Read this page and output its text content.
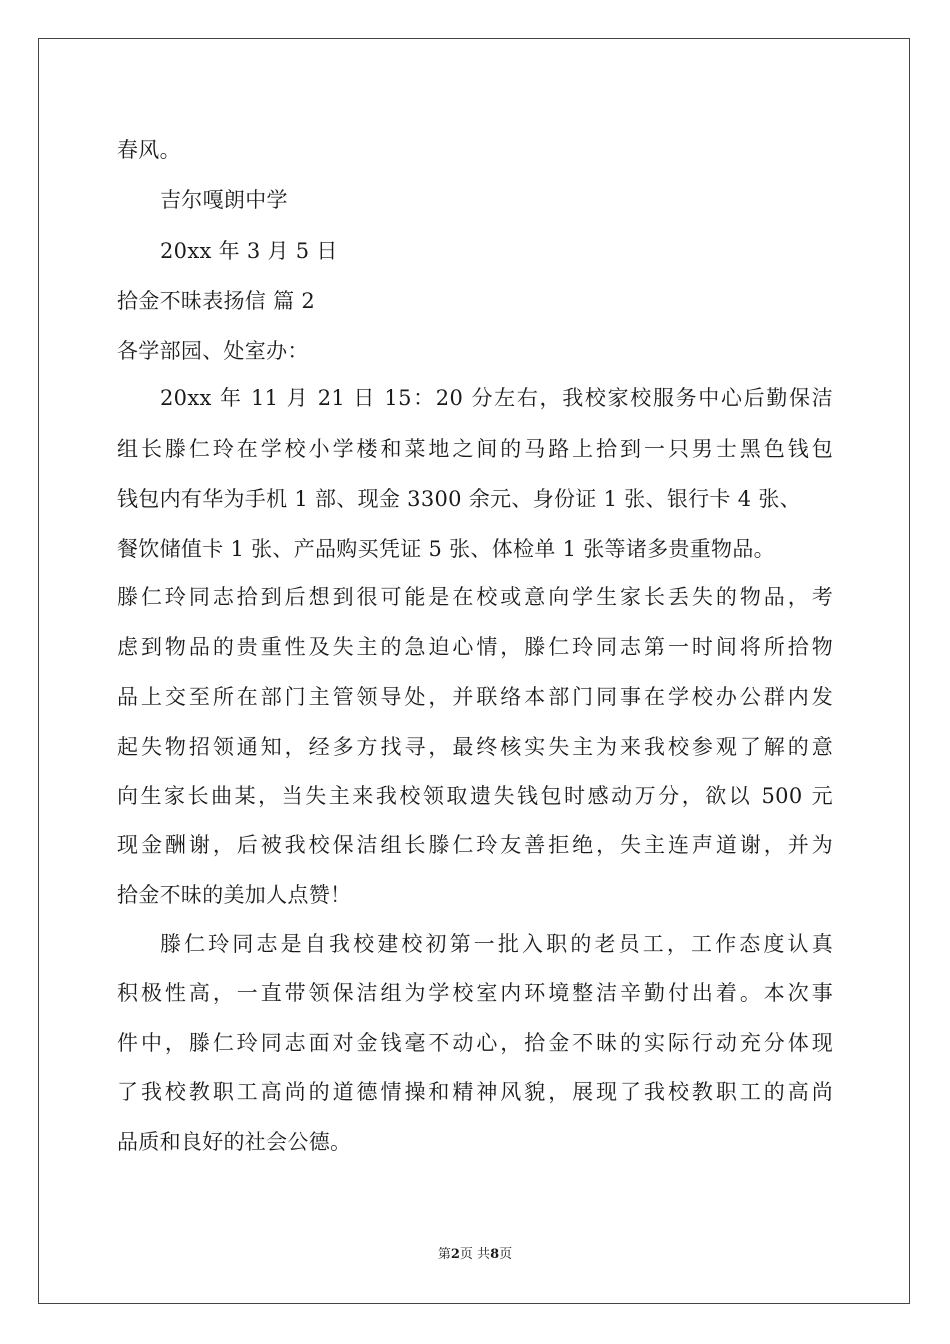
春风。
吉尔嘎朗中学
20xx 年 3 月 5 日
拾金不昧表扬信 篇 2
各学部园、处室办：
20xx 年 11 月 21 日 15：20 分左右，我校家校服务中心后勤保洁
组长滕仁玲在学校小学楼和菜地之间的马路上拾到一只男士黑色钱包
钱包内有华为手机 1 部、现金 3300 余元、身份证 1 张、银行卡 4 张、
餐饮储值卡 1 张、产品购买凭证 5 张、体检单 1 张等诸多贵重物品。
滕仁玲同志拾到后想到很可能是在校或意向学生家长丢失的物品，考
虑到物品的贵重性及失主的急迫心情，滕仁玲同志第一时间将所拾物
品上交至所在部门主管领导处，并联络本部门同事在学校办公群内发
起失物招领通知，经多方找寻，最终核实失主为来我校参观了解的意
向生家长曲某，当失主来我校领取遗失钱包时感动万分，欲以 500 元
现金酬谢，后被我校保洁组长滕仁玲友善拒绝，失主连声道谢，并为
拾金不昧的美加人点赞！
滕仁玲同志是自我校建校初第一批入职的老员工，工作态度认真
积极性高，一直带领保洁组为学校室内环境整洁辛勤付出着。本次事
件中，滕仁玲同志面对金钱毫不动心，拾金不昧的实际行动充分体现
了我校教职工高尚的道德情操和精神风貌，展现了我校教职工的高尚
品质和良好的社会公德。
第2页 共8页
